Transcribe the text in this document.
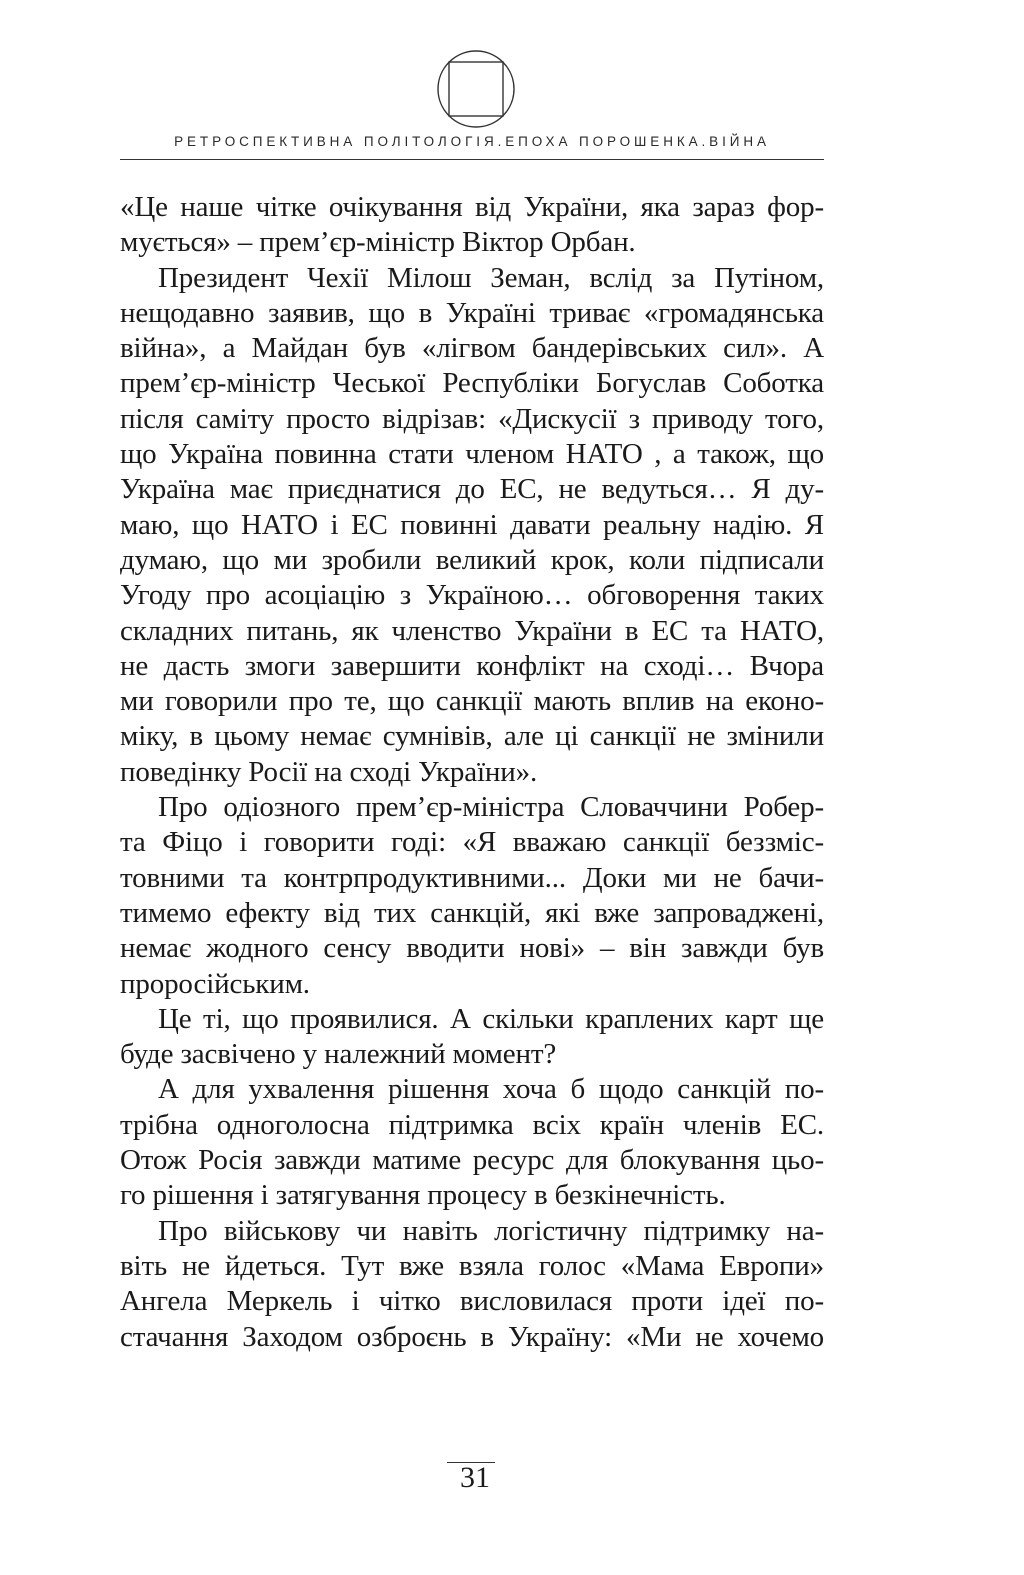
РЕТРОСПЕКТИВНА ПОЛІТОЛОГІЯ.ЕПОХА ПОРОШЕНКА.ВІЙНА
«Це наше чітке очікування від України, яка зараз фор-
мується» – прем’єр-міністр Віктор Орбан.
Президент Чехії Мілош Земан, вслід за Путіном,
нещодавно заявив, що в Україні триває «громадянська
війна», а Майдан був «лігвом бандерівських сил». А
прем’єр-міністр Чеської Республіки Богуслав Соботка
після саміту просто відрізав: «Дискусії з приводу того,
що Україна повинна стати членом НАТО , а також, що
Україна має приєднатися до ЕС, не ведуться… Я ду-
маю, що НАТО і ЕС повинні давати реальну надію. Я
думаю, що ми зробили великий крок, коли підписали
Угоду про асоціацію з Україною… обговорення таких
складних питань, як членство України в ЕС та НАТО,
не дасть змоги завершити конфлікт на сході… Вчора
ми говорили про те, що санкції мають вплив на еконо-
міку, в цьому немає сумнівів, але ці санкції не змінили
поведінку Росії на сході України».
Про одіозного прем’єр-міністра Словаччини Робер-
та Фіцо і говорити годі: «Я вважаю санкції беззміс-
товними та контрпродуктивними... Доки ми не бачи-
тимемо ефекту від тих санкцій, які вже запроваджені,
немає жодного сенсу вводити нові» – він завжди був
проросійським.
Це ті, що проявилися. А скільки краплених карт ще
буде засвічено у належний момент?
А для ухвалення рішення хоча б щодо санкцій по-
трібна одноголосна підтримка всіх країн членів ЕС.
Отож Росія завжди матиме ресурс для блокування цьо-
го рішення і затягування процесу в безкінечність.
Про військову чи навіть логістичну підтримку на-
віть не йдеться. Тут вже взяла голос «Мама Европи»
Ангела Меркель і чітко висловилася проти ідеї по-
стачання Заходом озброєнь в Україну: «Ми не хочемо
31
